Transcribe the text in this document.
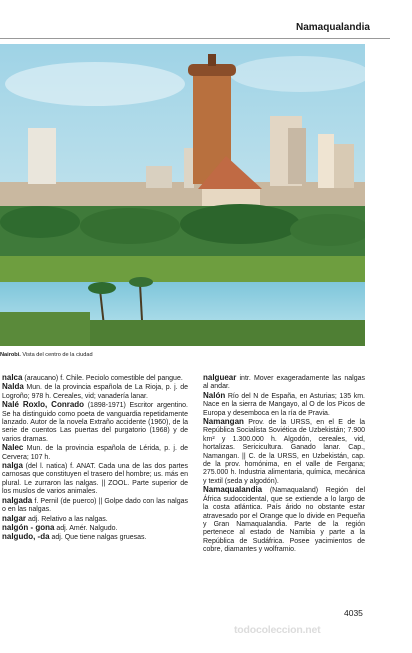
Namaqualandia
Nairobi. Vista del centro de la ciudad
nalca (araucano) f. Chile. Peciolo comestible del pangue.
Nalda Mun. de la provincia española de La Rioja, p. j. de Logroño; 978 h. Cereales, vid; vanadería lanar.
Nalé Roxlo, Conrado (1898-1971) Escritor argentino. Se ha distinguido como poeta de vanguardia repetidamente lanzado. Autor de la novela Extraño accidente (1960), de la serie de cuentos Las puertas del purgatorio (1968) y de varios dramas.
Nalec Mun. de la provincia española de Lérida, p. j. de Cervera; 107 h.
nalga (del l. natica) f. ANAT. Cada una de las dos partes carnosas que constituyen el trasero del hombre; us. más en plural. Le zurraron las nalgas. || ZOOL. Parte superior de los muslos de varios animales.
nalgada f. Pernil (de puerco) || Golpe dado con las nalgas o en las nalgas.
nalgar adj. Relativo a las nalgas.
nalgón - gona adj. Amér. Nalgudo.
nalgudo, -da adj. Que tiene nalgas gruesas.
nalguear intr. Mover exageradamente las nalgas al andar.
Nalón Río del N de España, en Asturias; 135 km. Nace en la sierra de Mangayo, al O de los Picos de Europa y desemboca en la ría de Pravia.
Namangan Prov. de la URSS, en el E de la República Socialista Soviética de Uzbekistán; 7.900 km² y 1.300.000 h. Algodón, cereales, vid, hortalizas. Sericicultura. Ganado lanar. Cap., Namangan. || C. de la URSS, en Uzbekistán, cap. de la prov. homónima, en el valle de Fergana; 275.000 h. Industria alimentaria, química, mecánica y textil (seda y algodón).
Namaqualandia (Namaqualand) Región del África sudoccidental, que se extiende a lo largo de la costa atlántica. País árido no obstante estar atravesado por el Orange que lo divide en Pequeña y Gran Namaqualandia. Parte de la región pertenece al estado de Namibia y parte a la República de Sudáfrica. Posee yacimientos de cobre, diamantes y wolframio.
4035
todocoleccion.net
